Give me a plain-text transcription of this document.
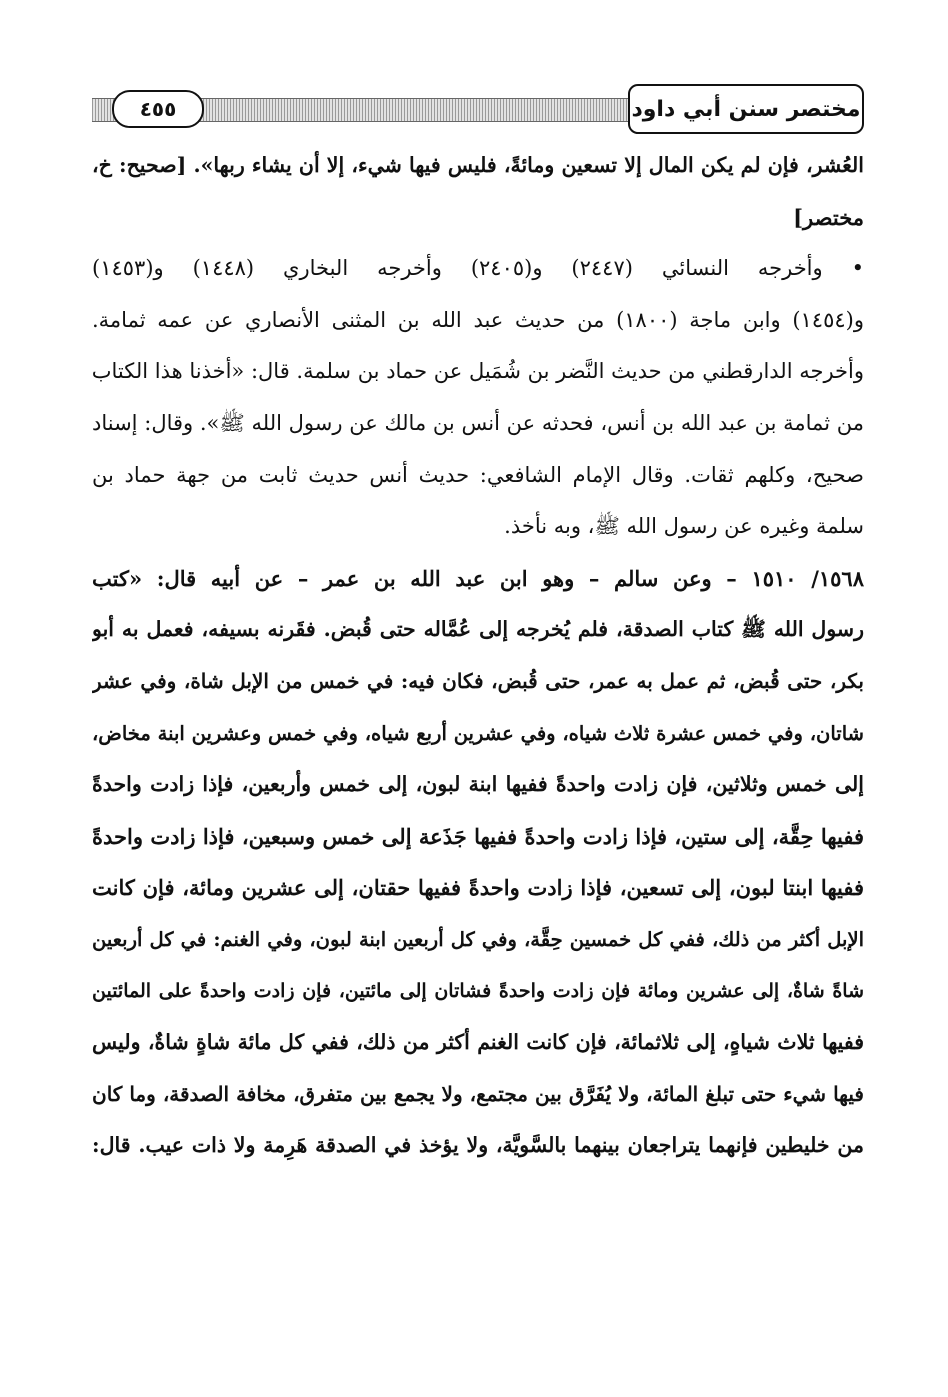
٤٥٥	مختصر سنن أبي داود
العُشر، فإن لم يكن المال إلا تسعين ومائةً، فليس فيها شيء، إلا أن يشاء ربها». [صحيح: خ،
مختصر]
• وأخرجه النسائي (٢٤٤٧) و(٢٤٠٥) وأخرجه البخاري (١٤٤٨) و(١٤٥٣)
و(١٤٥٤) وابن ماجة (١٨٠٠) من حديث عبد الله بن المثنى الأنصاري عن عمه ثمامة.
وأخرجه الدارقطني من حديث النَّضر بن شُمَيل عن حماد بن سلمة. قال: «أخذنا هذا الكتاب
من ثمامة بن عبد الله بن أنس، فحدثه عن أنس بن مالك عن رسول الله ﷺ». وقال: إسناد
صحيح، وكلهم ثقات. وقال الإمام الشافعي: حديث أنس حديث ثابت من جهة حماد بن
سلمة وغيره عن رسول الله ﷺ، وبه نأخذ.
١٥٦٨/ ١٥١٠ – وعن سالم – وهو ابن عبد الله بن عمر – عن أبيه قال: «كتب
رسول الله ﷺ كتاب الصدقة، فلم يُخرجه إلى عُمَّاله حتى قُبض. فقَرنه بسيفه، فعمل به أبو
بكر، حتى قُبض، ثم عمل به عمر، حتى قُبض، فكان فيه: في خمس من الإبل شاة، وفي عشر
شاتان، وفي خمس عشرة ثلاث شياه، وفي عشرين أربع شياه، وفي خمس وعشرين ابنة مخاض،
إلى خمس وثلاثين، فإن زادت واحدةً ففيها ابنة لبون، إلى خمس وأربعين، فإذا زادت واحدةً
ففيها حِقَّة، إلى ستين، فإذا زادت واحدةً ففيها جَذَعة إلى خمس وسبعين، فإذا زادت واحدةً
ففيها ابنتا لبون، إلى تسعين، فإذا زادت واحدةً ففيها حقتان، إلى عشرين ومائة، فإن كانت
الإبل أكثر من ذلك، ففي كل خمسين حِقَّة، وفي كل أربعين ابنة لبون، وفي الغنم: في كل أربعين
شاةً شاةٌ، إلى عشرين ومائة فإن زادت واحدةً فشاتان إلى مائتين، فإن زادت واحدةً على المائتين
ففيها ثلاث شياهٍ، إلى ثلاثمائة، فإن كانت الغنم أكثر من ذلك، ففي كل مائة شاةٍ شاةٌ، وليس
فيها شيء حتى تبلغ المائة، ولا يُفَرَّق بين مجتمع، ولا يجمع بين متفرق، مخافة الصدقة، وما كان
من خليطين فإنهما يتراجعان بينهما بالسَّويَّة، ولا يؤخذ في الصدقة هَرِمة ولا ذات عيب. قال:
